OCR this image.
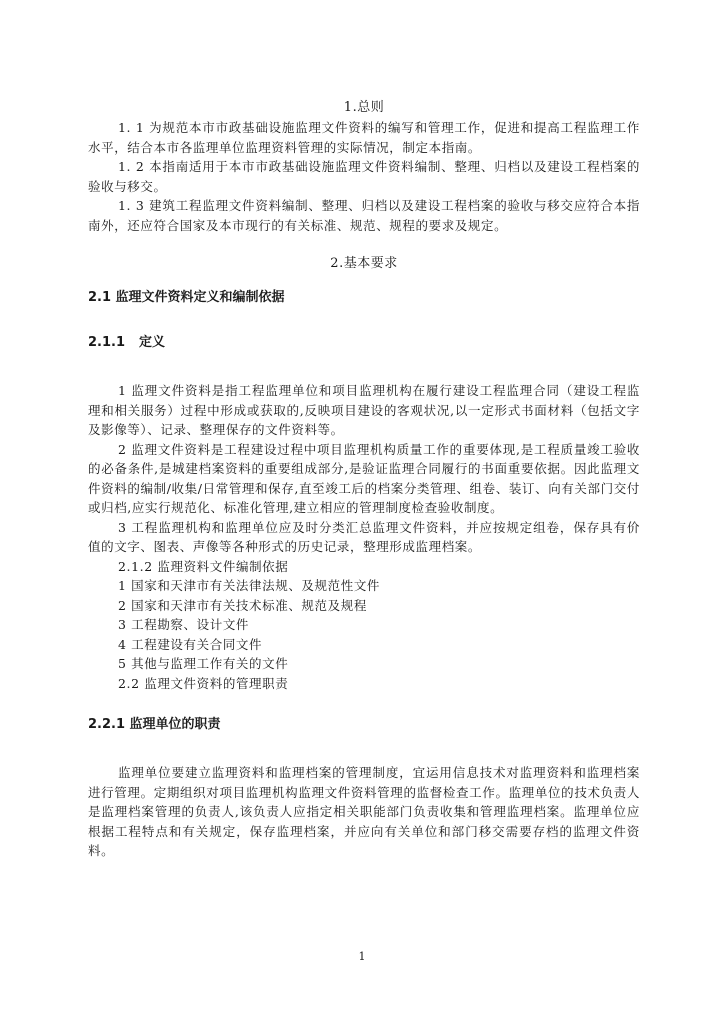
1.总则

1. 1 为规范本市市政基础设施监理文件资料的编写和管理工作，促进和提高工程监理工作水平，结合本市各监理单位监理资料管理的实际情况，制定本指南。

1. 2 本指南适用于本市市政基础设施监理文件资料编制、整理、归档以及建设工程档案的验收与移交。

1. 3 建筑工程监理文件资料编制、整理、归档以及建设工程档案的验收与移交应符合本指南外，还应符合国家及本市现行的有关标准、规范、规程的要求及规定。

2.基本要求
2.1 监理文件资料定义和编制依据
2.1.1 定义

1 监理文件资料是指工程监理单位和项目监理机构在履行建设工程监理合同（建设工程监理和相关服务）过程中形成或获取的,反映项目建设的客观状况,以一定形式书面材料（包括文字及影像等）、记录、整理保存的文件资料等。

2 监理文件资料是工程建设过程中项目监理机构质量工作的重要体现,是工程质量竣工验收的必备条件,是城建档案资料的重要组成部分,是验证监理合同履行的书面重要依据。因此监理文件资料的编制/收集/日常管理和保存,直至竣工后的档案分类管理、组卷、装订、向有关部门交付或归档,应实行规范化、标准化管理,建立相应的管理制度检查验收制度。

3 工程监理机构和监理单位应及时分类汇总监理文件资料，并应按规定组卷，保存具有价值的文字、图表、声像等各种形式的历史记录，整理形成监理档案。

2.1.2 监理资料文件编制依据

1 国家和天津市有关法律法规、及规范性文件

2 国家和天津市有关技术标准、规范及规程

3 工程勘察、设计文件

4 工程建设有关合同文件

5 其他与监理工作有关的文件

2.2 监理文件资料的管理职责

2.2.1 监理单位的职责

监理单位要建立监理资料和监理档案的管理制度，宜运用信息技术对监理资料和监理档案进行管理。定期组织对项目监理机构监理文件资料管理的监督检查工作。监理单位的技术负责人是监理档案管理的负责人,该负责人应指定相关职能部门负责收集和管理监理档案。监理单位应根据工程特点和有关规定，保存监理档案，并应向有关单位和部门移交需要存档的监理文件资料。

1
